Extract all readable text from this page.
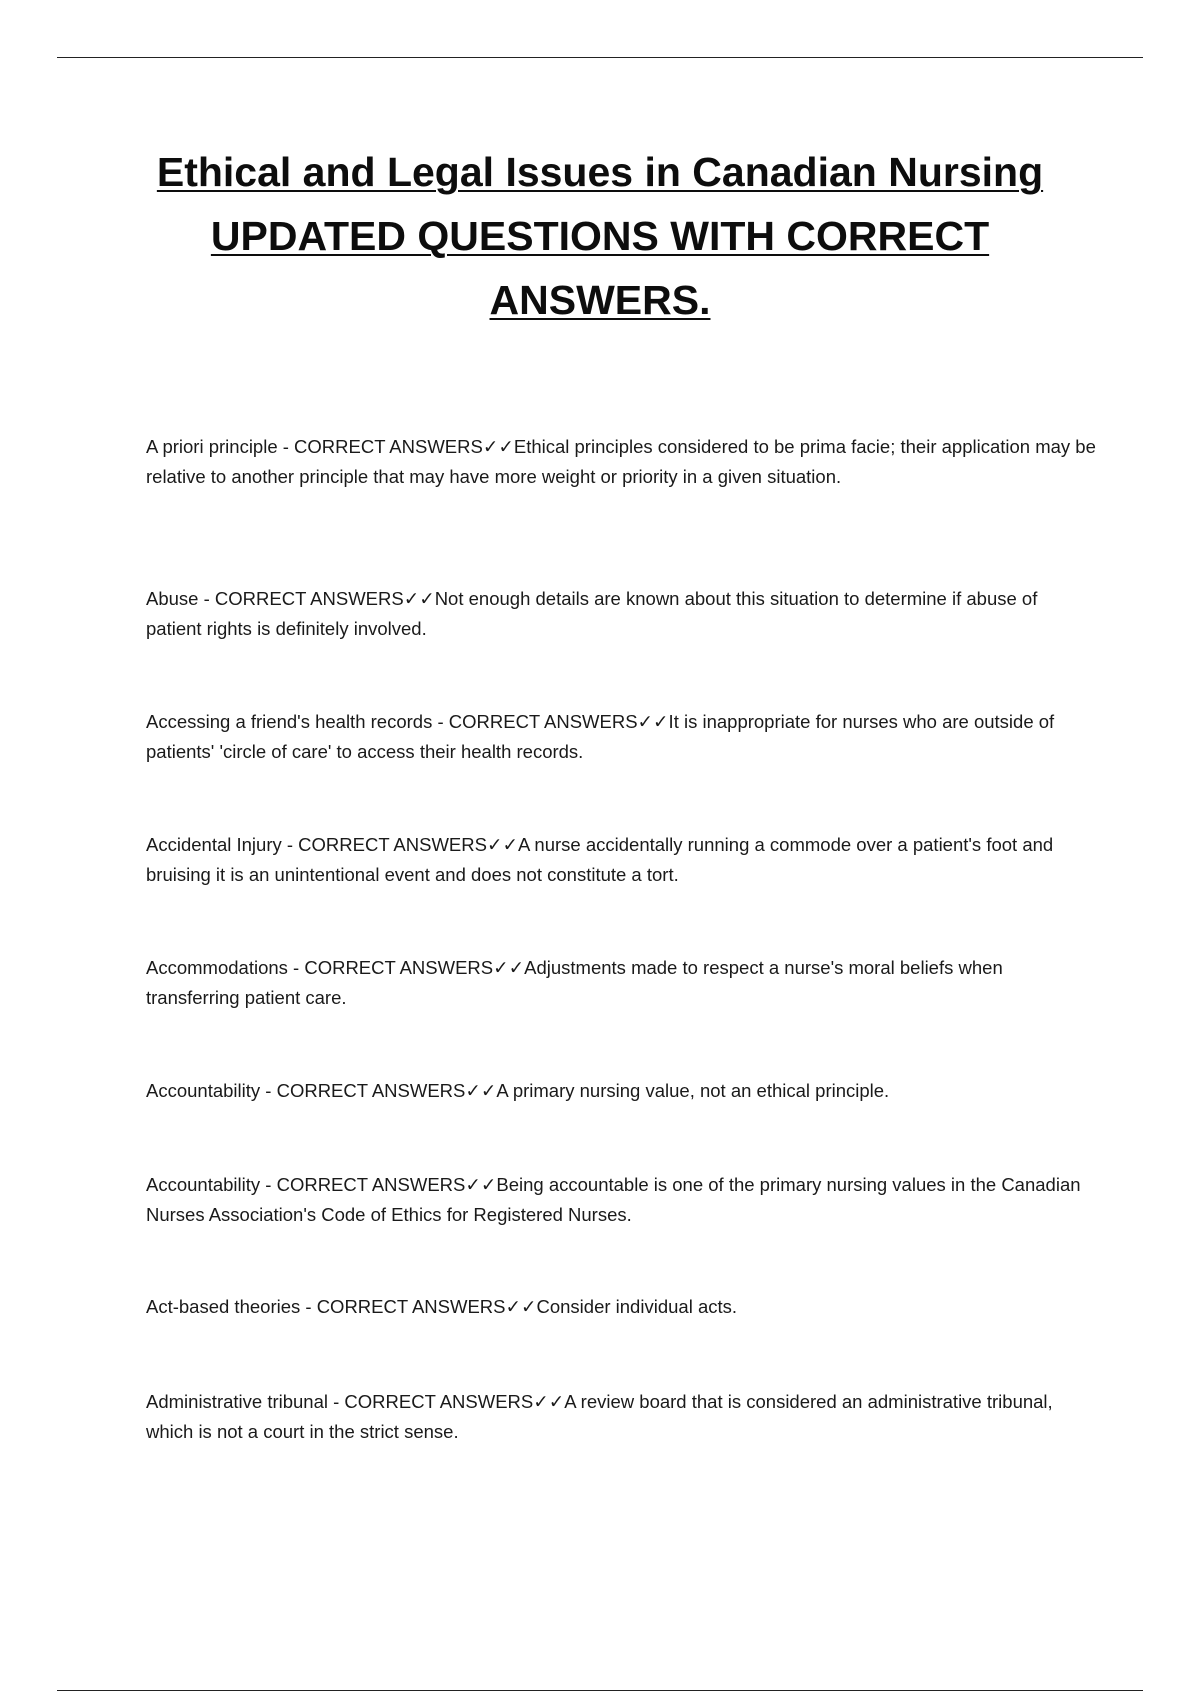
Ethical and Legal Issues in Canadian Nursing
UPDATED QUESTIONS WITH CORRECT
ANSWERS.

A priori principle - CORRECT ANSWERS✓✓Ethical principles considered to be prima facie; their application may be relative to another principle that may have more weight or priority in a given situation.

Abuse - CORRECT ANSWERS✓✓Not enough details are known about this situation to determine if abuse of patient rights is definitely involved.

Accessing a friend's health records - CORRECT ANSWERS✓✓It is inappropriate for nurses who are outside of patients' 'circle of care' to access their health records.

Accidental Injury - CORRECT ANSWERS✓✓A nurse accidentally running a commode over a patient's foot and bruising it is an unintentional event and does not constitute a tort.

Accommodations - CORRECT ANSWERS✓✓Adjustments made to respect a nurse's moral beliefs when transferring patient care.

Accountability - CORRECT ANSWERS✓✓A primary nursing value, not an ethical principle.

Accountability - CORRECT ANSWERS✓✓Being accountable is one of the primary nursing values in the Canadian Nurses Association's Code of Ethics for Registered Nurses.

Act-based theories - CORRECT ANSWERS✓✓Consider individual acts.

Administrative tribunal - CORRECT ANSWERS✓✓A review board that is considered an administrative tribunal, which is not a court in the strict sense.
